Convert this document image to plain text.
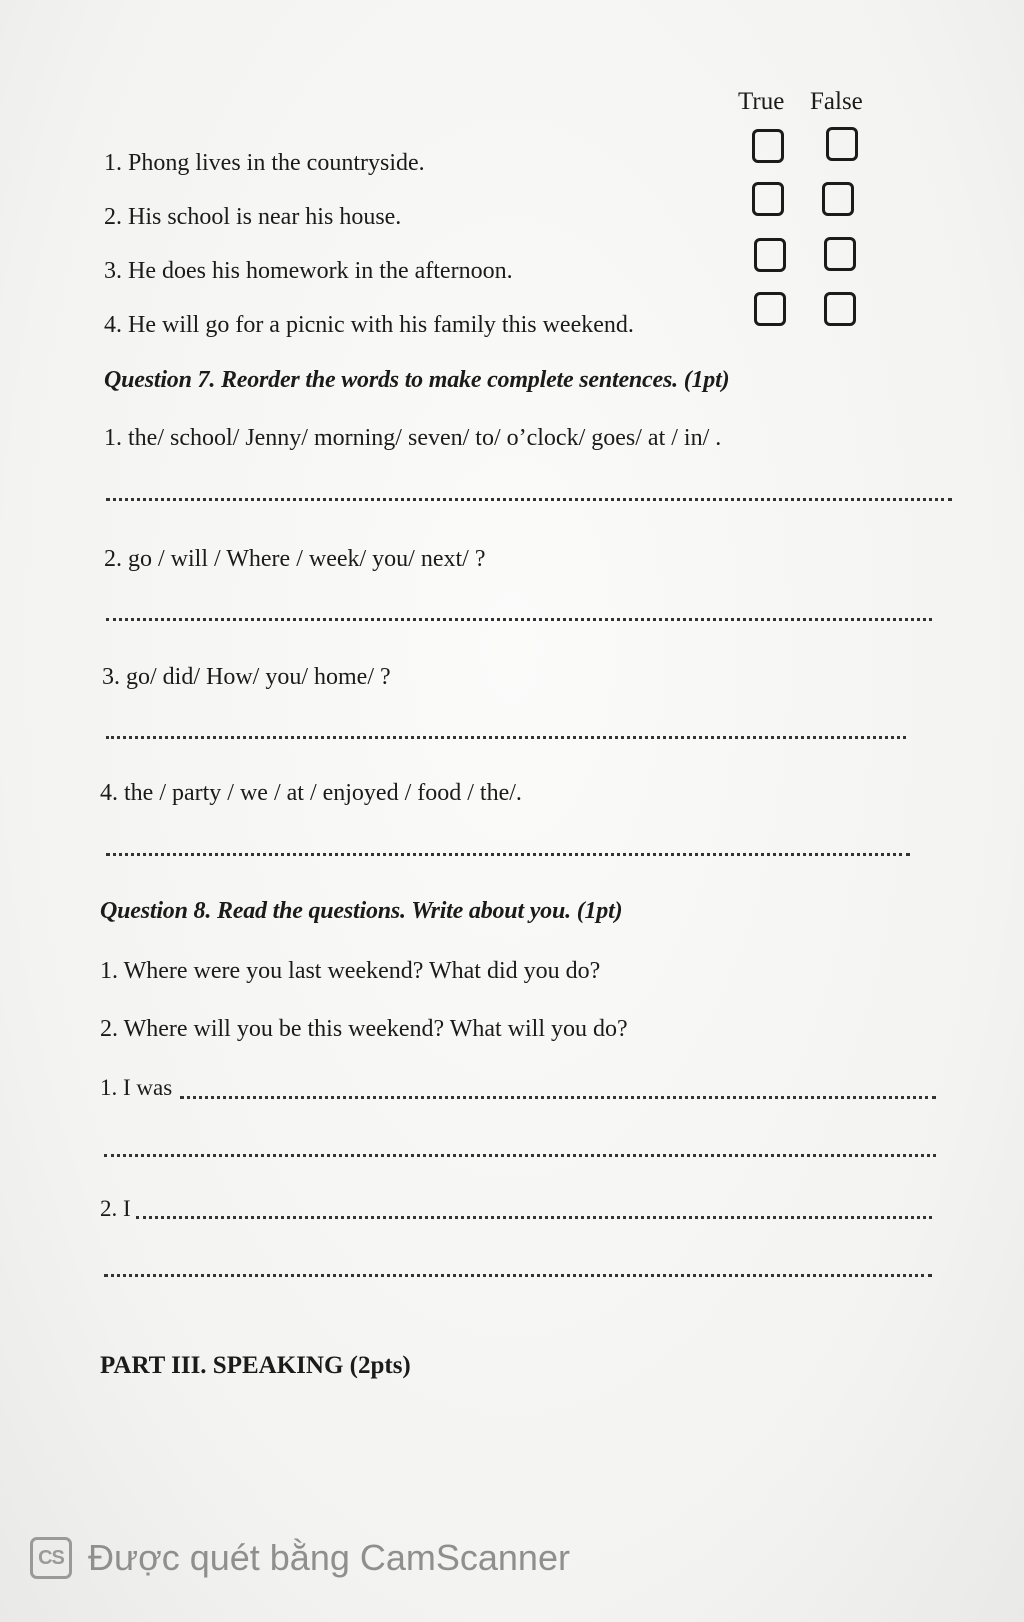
True False
1. Phong lives in the countryside.
2. His school is near his house.
3. He does his homework in the afternoon.
4. He will go for a picnic with his family this weekend.
Question 7. Reorder the words to make complete sentences. (1pt)
1. the/ school/ Jenny/ morning/ seven/ to/ o’clock/ goes/ at / in/ .
2. go / will / Where / week/ you/ next/ ?
3. go/ did/ How/ you/ home/ ?
4. the / party / we / at / enjoyed / food / the/.
Question 8. Read the questions. Write about you. (1pt)
1. Where were you last weekend? What did you do?
2. Where will you be this weekend? What will you do?
1. I was
2. I
PART III. SPEAKING (2pts)
CS Được quét bằng CamScanner
